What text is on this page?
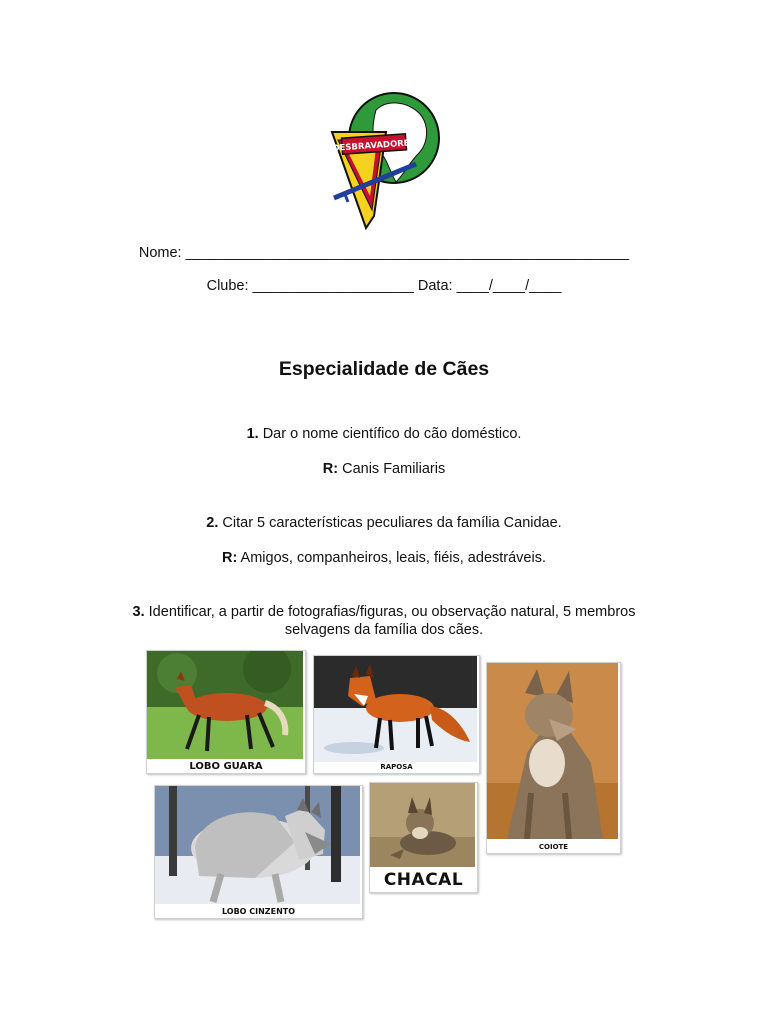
DESBRAVADORES
Nome: _______________________________________________________
Clube: ____________________ Data: ____/____/____
Especialidade de Cães
1. Dar o nome científico do cão doméstico.
R: Canis Familiaris
2. Citar 5 características peculiares da família Canidae.
R: Amigos, companheiros, leais, fiéis, adestráveis.
3. Identificar, a partir de fotografias/figuras, ou observação natural, 5 membros
selvagens da família dos cães.
LOBO GUARA	RAPOSA
COIOTE
LOBO CINZENTO
CHACAL
